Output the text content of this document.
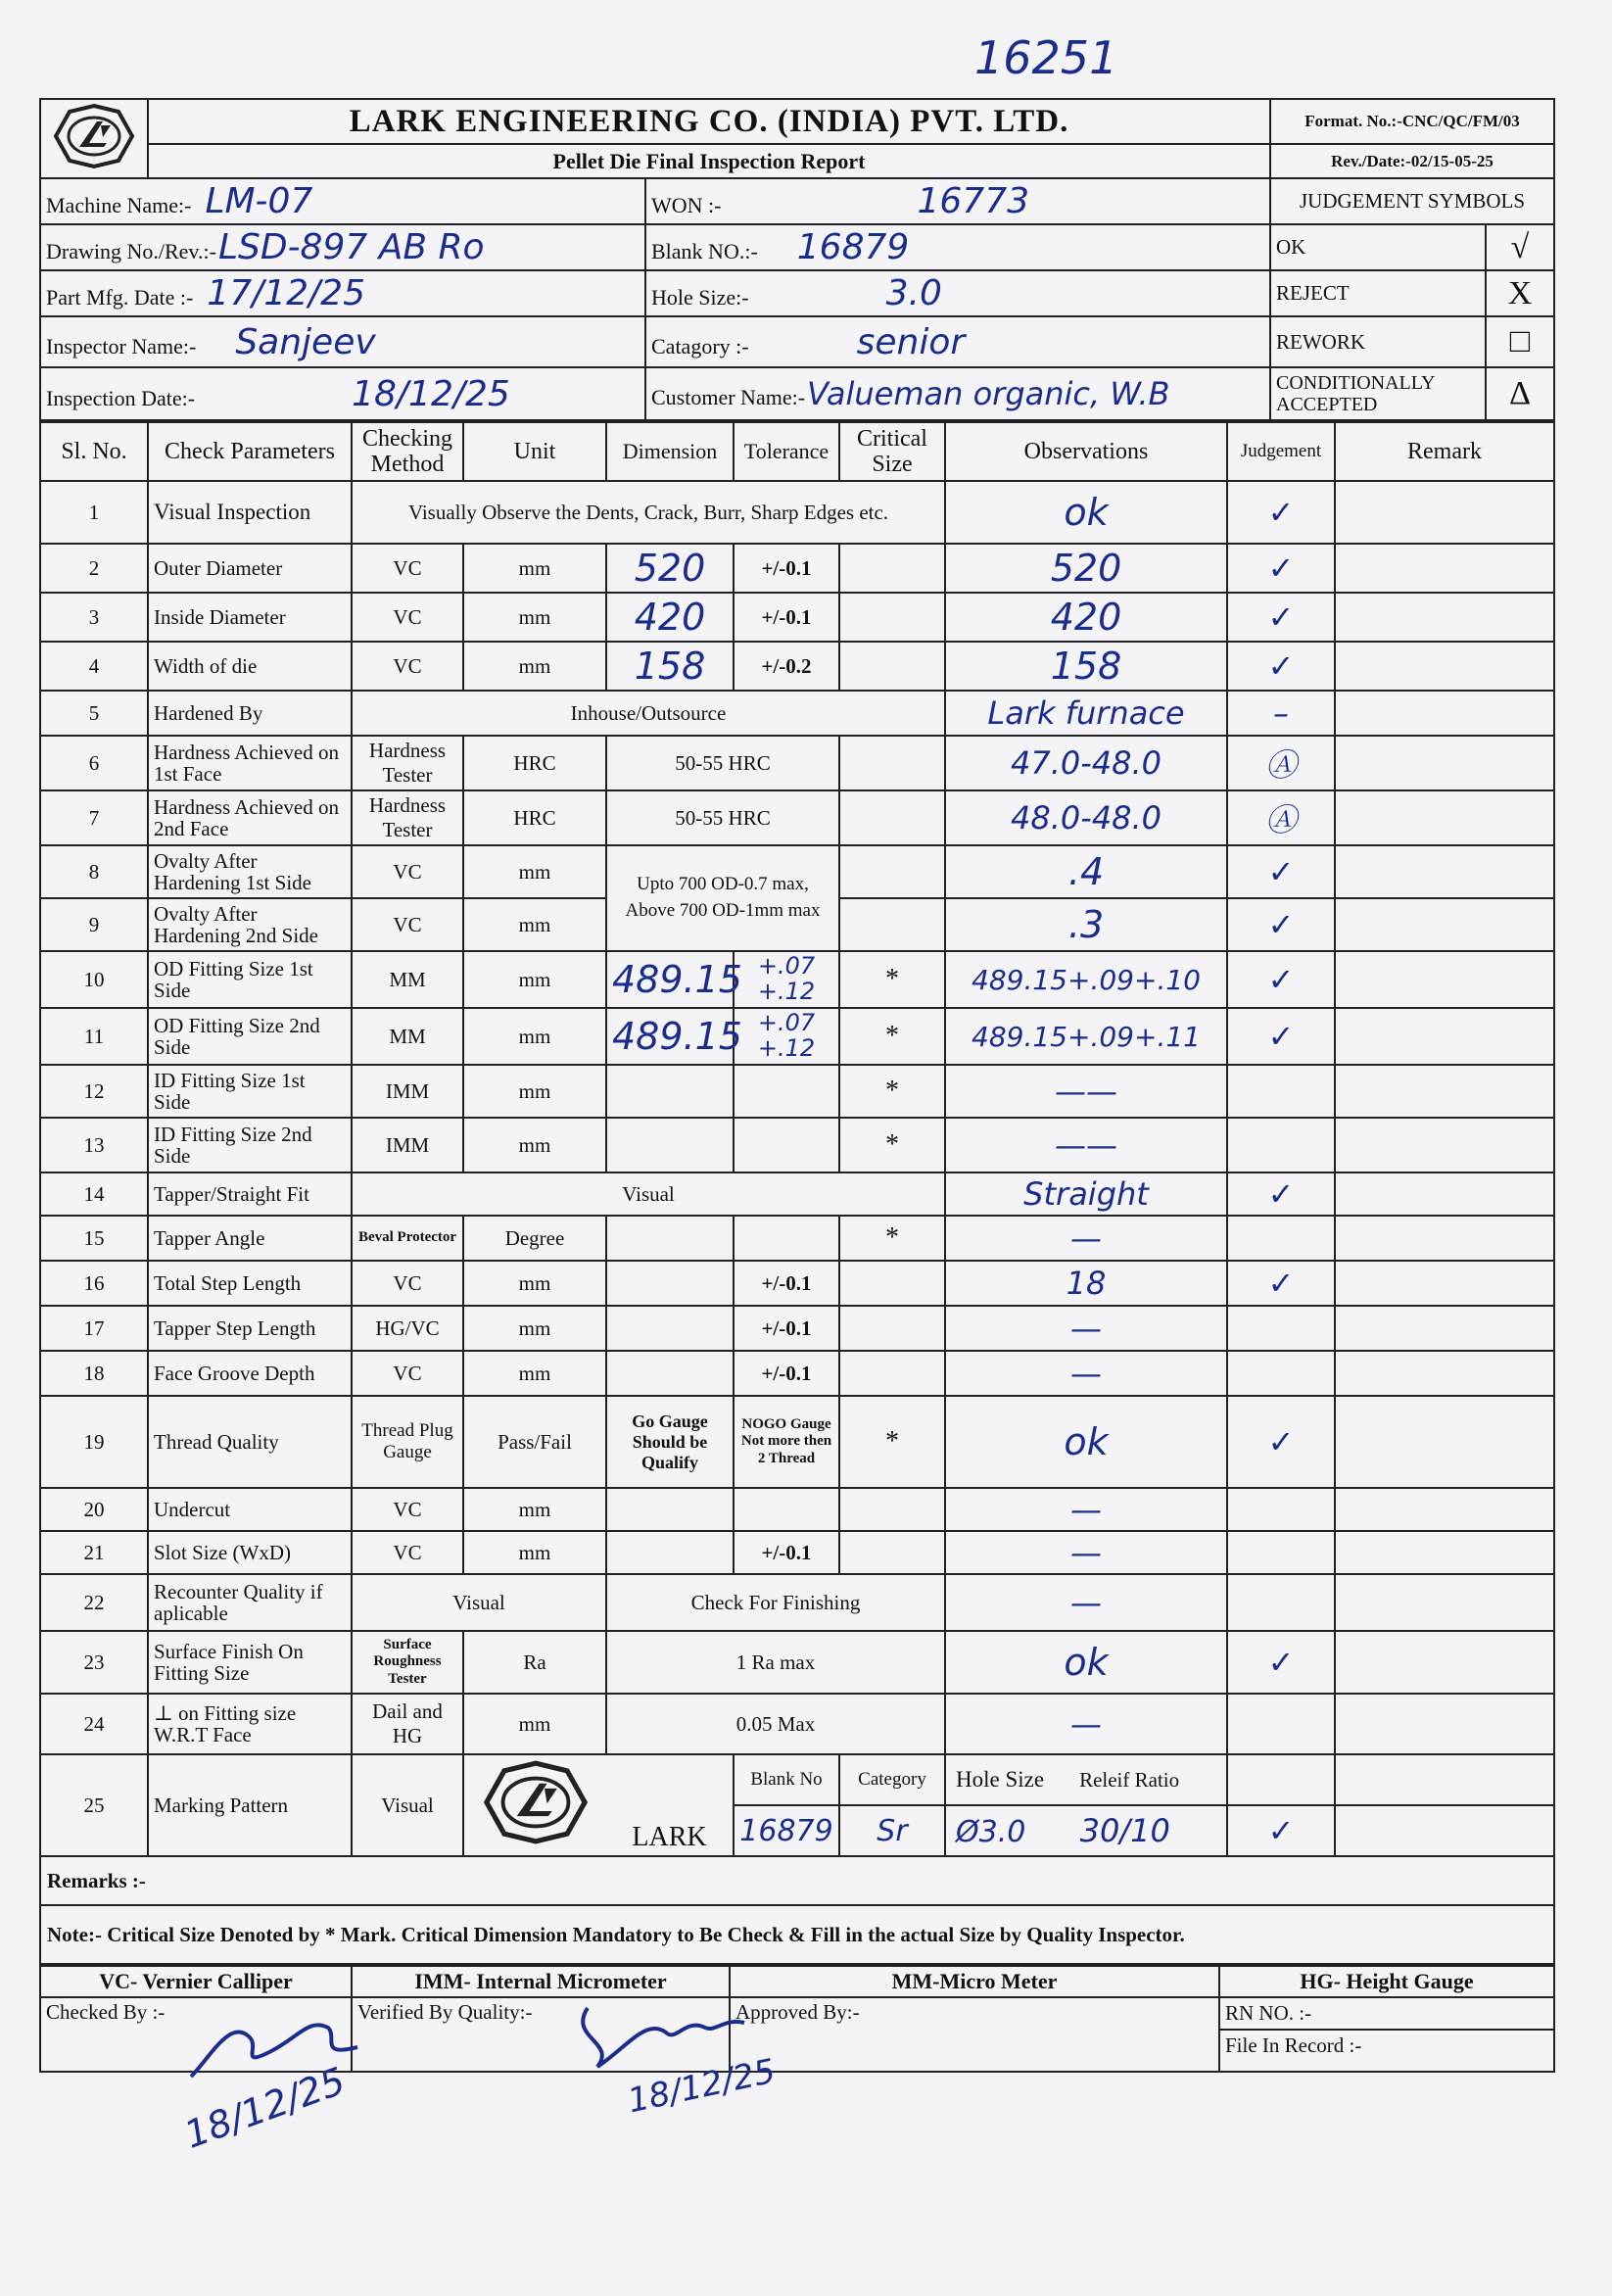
16251
	LARK ENGINEERING CO. (INDIA) PVT. LTD.		Format. No.:-CNC/QC/FM/03	
	Pellet Die Final Inspection Report		Rev./Date:-02/15-05-25	
Machine Name:- LM-07		WON :- 16773	JUDGEMENT SYMBOLS	
Drawing No./Rev.:-LSD-897 AB Ro		Blank NO.:- 16879	OK	√
Part Mfg. Date :- 17/12/25		Hole Size:- 3.0	REJECT	X
Inspector Name:- Sanjeev		Catagory :- senior	REWORK	□
Inspection Date:- 18/12/25		Customer Name:-Valueman organic, W.B	CONDITIONALLY ACCEPTED	Δ
Sl. No.	Check Parameters	Checking Method	Unit	Dimension	Tolerance	Critical Size	Observations	Judgement	Remark
1	Visual Inspection	Visually Observe the Dents, Crack, Burr, Sharp Edges etc.					ok	✓	
2	Outer Diameter	VC	mm	520	+/-0.1		520	✓	
3	Inside Diameter	VC	mm	420	+/-0.1		420	✓	
4	Width of die	VC	mm	158	+/-0.2		158	✓	
5	Hardened By	Inhouse/Outsource					Lark furnace	–	
6	Hardness Achieved on 1st Face	Hardness Tester	HRC	50-55 HRC			47.0-48.0	Ⓐ	
7	Hardness Achieved on 2nd Face	Hardness Tester	HRC	50-55 HRC			48.0-48.0	Ⓐ	
8	Ovalty After Hardening 1st Side	VC	mm	Upto 700 OD-0.7 max, Above 700 OD-1mm max			.4	✓	
9	Ovalty After Hardening 2nd Side	VC	mm				.3	✓	
10	OD Fitting Size 1st Side	MM	mm	489.15	+.07 +.12	*	489.15+.09+.10	✓	
11	OD Fitting Size 2nd Side	MM	mm	489.15	+.07 +.12	*	489.15+.09+.11	✓	
12	ID Fitting Size 1st Side	IMM	mm			*	——		
13	ID Fitting Size 2nd Side	IMM	mm			*	——		
14	Tapper/Straight Fit	Visual					Straight	✓	
15	Tapper Angle	Beval Protector	Degree			*	—		
16	Total Step Length	VC	mm		+/-0.1		18	✓	
17	Tapper Step Length	HG/VC	mm		+/-0.1		—		
18	Face Groove Depth	VC	mm		+/-0.1		—		
19	Thread Quality	Thread Plug Gauge	Pass/Fail	Go Gauge Should be Qualify	NOGO Gauge Not more then 2 Thread	*	ok	✓	
20	Undercut	VC	mm				—		
21	Slot Size (WxD)	VC	mm		+/-0.1		—		
22	Recounter Quality if aplicable	Visual		Check For Finishing			—		
23	Surface Finish On Fitting Size	Surface Roughness Tester	Ra	1 Ra max			ok	✓	
24	⊥ on Fitting size W.R.T Face	Dail and HG	mm	0.05 Max			—		
25	Marking Pattern	Visual		LARK	Blank No	Category	Hole Size Releif Ratio		
					16879	Sr	Ø3.0 30/10	✓	
Remarks :-									
Note:- Critical Size Denoted by * Mark. Critical Dimension Mandatory to Be Check & Fill in the actual Size by Quality Inspector.									
VC- Vernier Calliper	IMM- Internal Micrometer	MM-Micro Meter	HG- Height Gauge
Checked By :-	Verified By Quality:-	Approved By:-	RN NO. :-
File In Record :-
18/12/25	18/12/25
